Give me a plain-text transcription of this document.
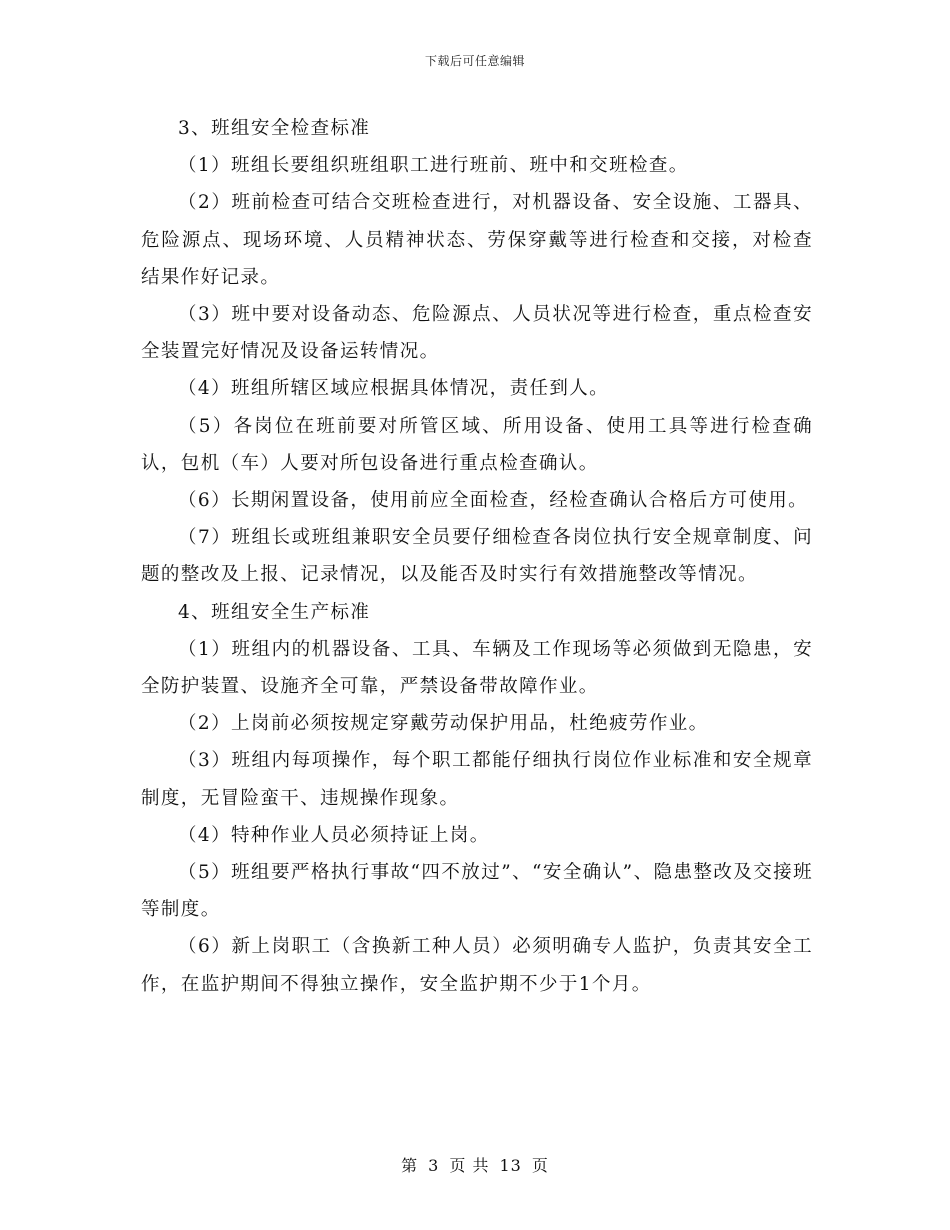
下载后可任意编辑

3、班组安全检查标准

（1）班组长要组织班组职工进行班前、班中和交班检查。

（2）班前检查可结合交班检查进行，对机器设备、安全设施、工器具、危险源点、现场环境、人员精神状态、劳保穿戴等进行检查和交接，对检查结果作好记录。

（3）班中要对设备动态、危险源点、人员状况等进行检查，重点检查安全装置完好情况及设备运转情况。

（4）班组所辖区域应根据具体情况，责任到人。

（5）各岗位在班前要对所管区域、所用设备、使用工具等进行检查确认，包机（车）人要对所包设备进行重点检查确认。

（6）长期闲置设备，使用前应全面检查，经检查确认合格后方可使用。

（7）班组长或班组兼职安全员要仔细检查各岗位执行安全规章制度、问题的整改及上报、记录情况，以及能否及时实行有效措施整改等情况。

4、班组安全生产标准

（1）班组内的机器设备、工具、车辆及工作现场等必须做到无隐患，安全防护装置、设施齐全可靠，严禁设备带故障作业。

（2）上岗前必须按规定穿戴劳动保护用品，杜绝疲劳作业。

（3）班组内每项操作，每个职工都能仔细执行岗位作业标准和安全规章制度，无冒险蛮干、违规操作现象。

（4）特种作业人员必须持证上岗。

（5）班组要严格执行事故“四不放过”、“安全确认”、隐患整改及交接班等制度。

（6）新上岗职工（含换新工种人员）必须明确专人监护，负责其安全工作，在监护期间不得独立操作，安全监护期不少于1个月。

第 3 页 共 13 页
